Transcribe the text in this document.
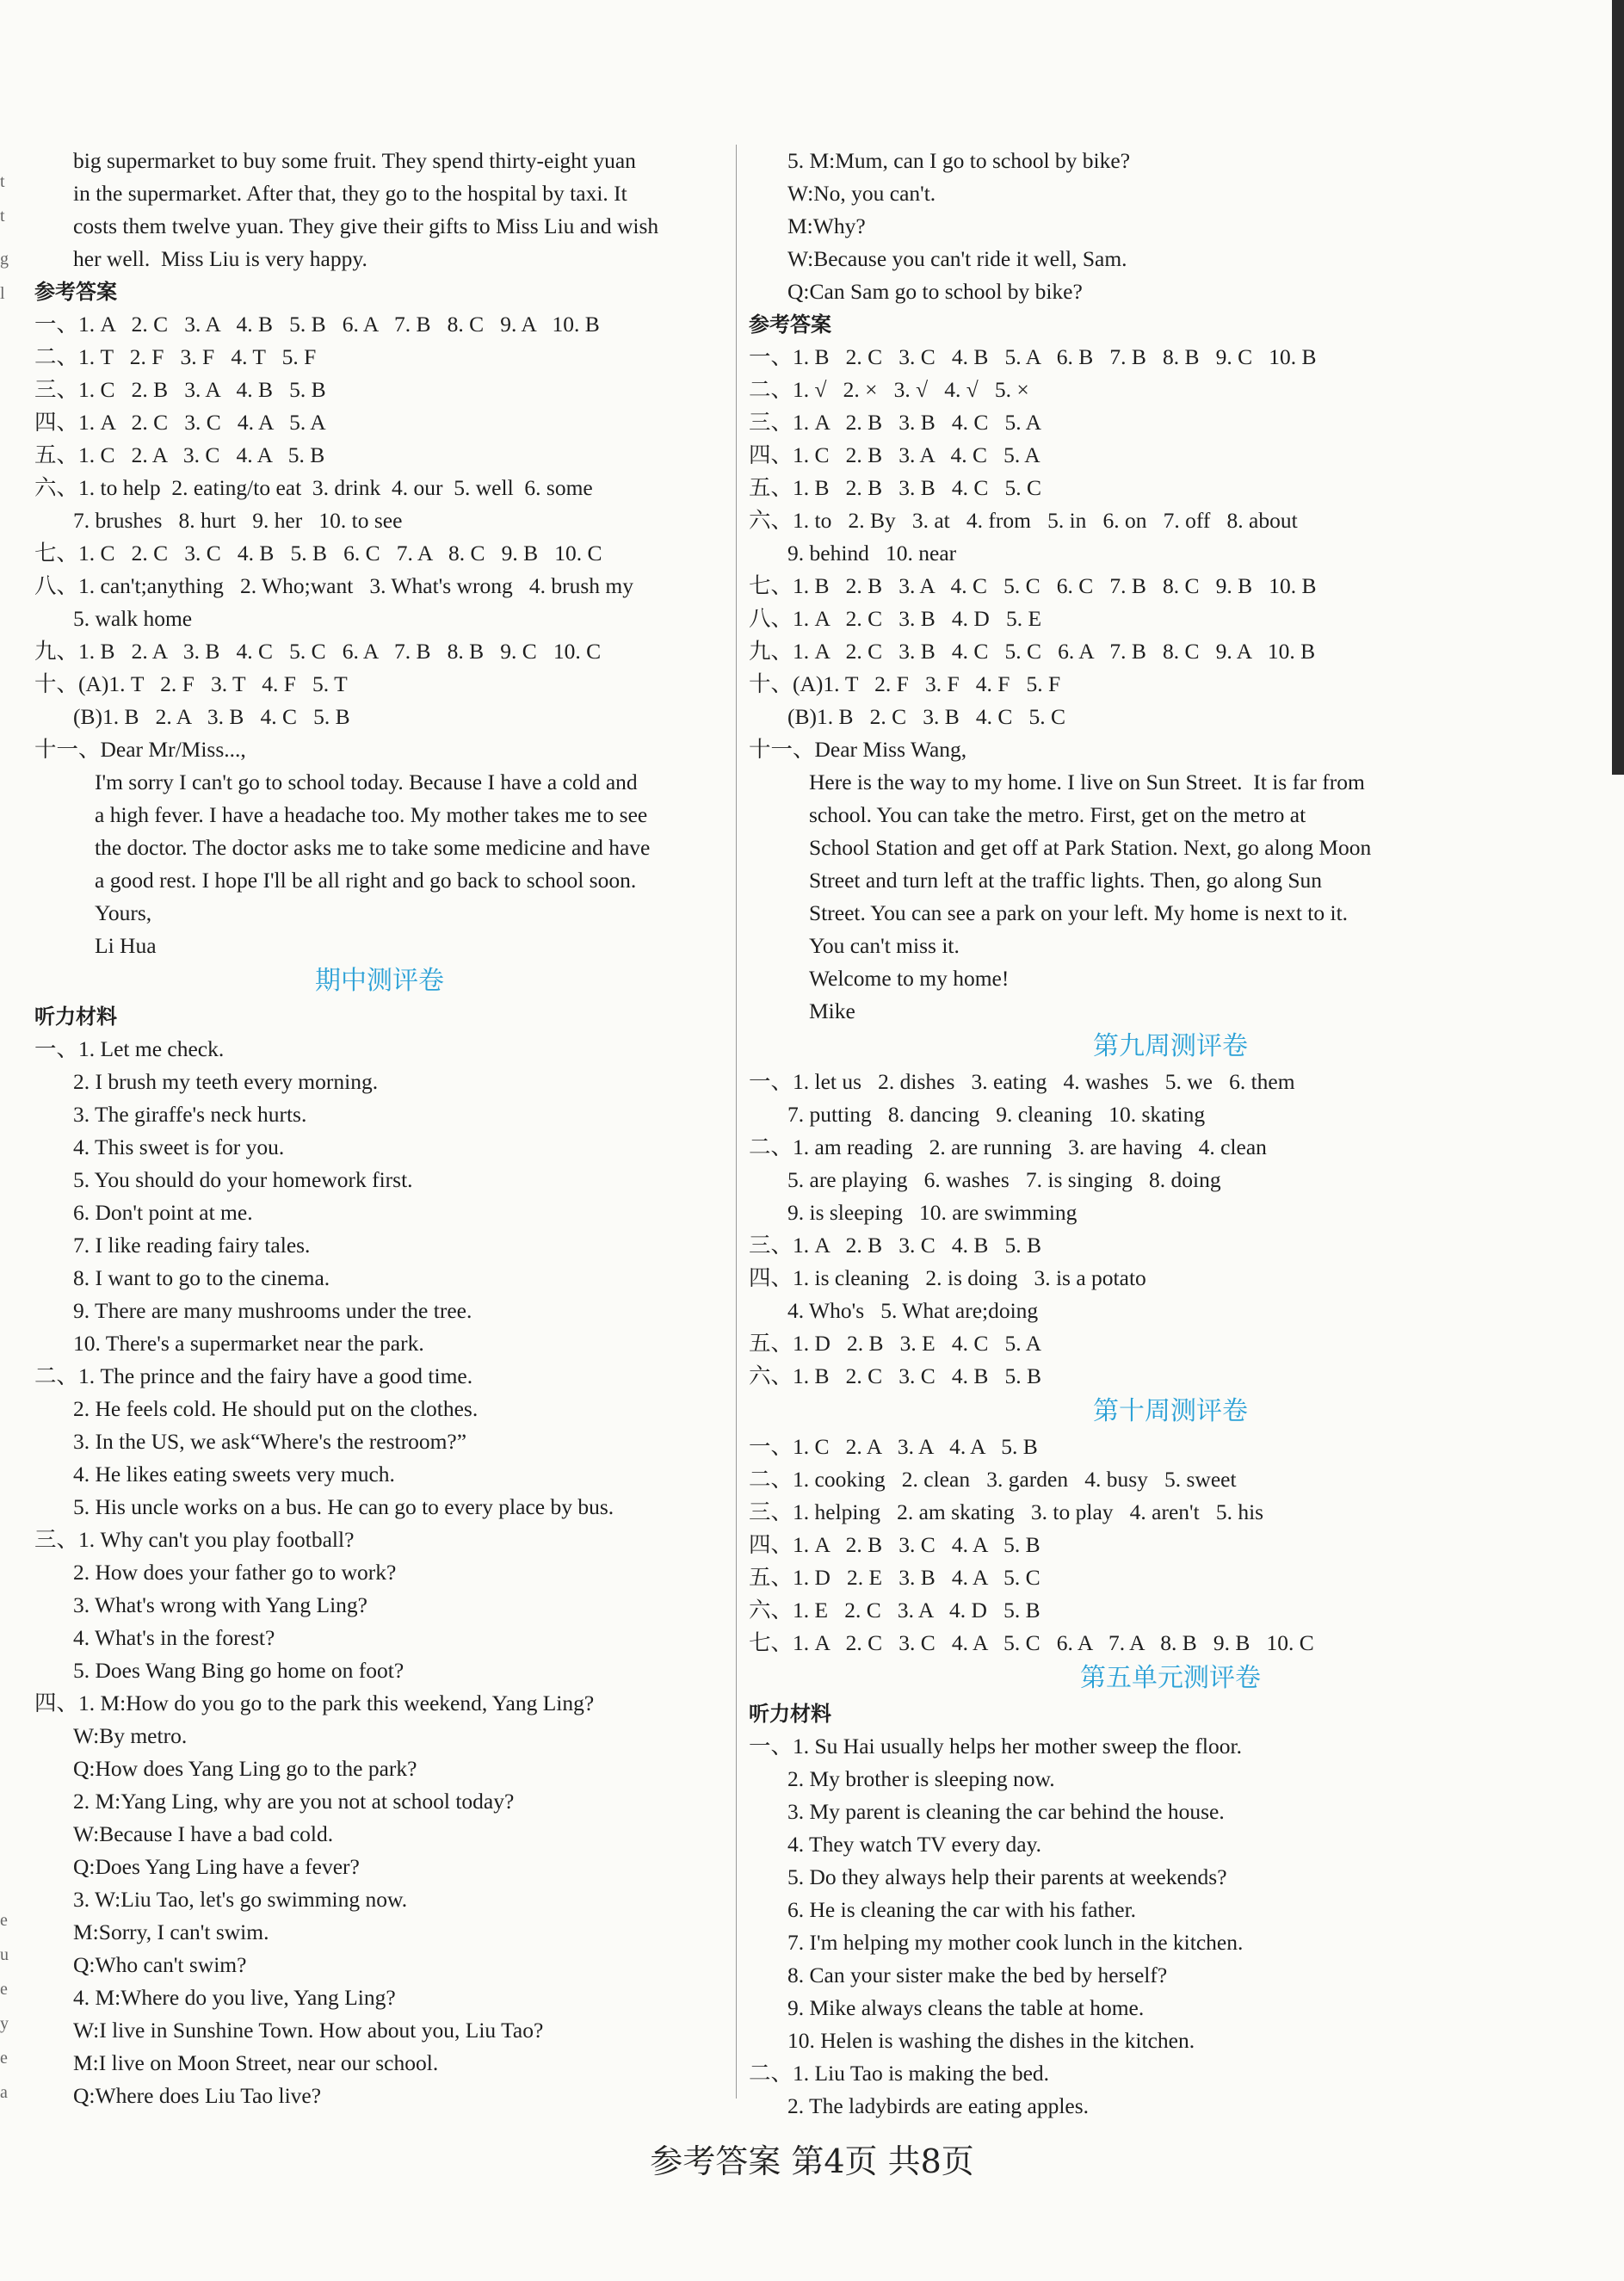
big supermarket to buy some fruit. They spend thirty-eight yuan
in the supermarket. After that, they go to the hospital by taxi. It
costs them twelve yuan. They give their gifts to Miss Liu and wish
her well.  Miss Liu is very happy.
参考答案
一、1. A   2. C   3. A   4. B   5. B   6. A   7. B   8. C   9. A   10. B
二、1. T   2. F   3. F   4. T   5. F
三、1. C   2. B   3. A   4. B   5. B
四、1. A   2. C   3. C   4. A   5. A
五、1. C   2. A   3. C   4. A   5. B
六、1. to help  2. eating/to eat  3. drink  4. our  5. well  6. some
7. brushes   8. hurt   9. her   10. to see
七、1. C   2. C   3. C   4. B   5. B   6. C   7. A   8. C   9. B   10. C
八、1. can't;anything   2. Who;want   3. What's wrong   4. brush my
5. walk home
九、1. B   2. A   3. B   4. C   5. C   6. A   7. B   8. B   9. C   10. C
十、(A)1. T   2. F   3. T   4. F   5. T
(B)1. B   2. A   3. B   4. C   5. B
十一、Dear Mr/Miss...,
I'm sorry I can't go to school today. Because I have a cold and
a high fever. I have a headache too. My mother takes me to see
the doctor. The doctor asks me to take some medicine and have
a good rest. I hope I'll be all right and go back to school soon.
Yours,
Li Hua
期中测评卷
听力材料
一、1. Let me check.
2. I brush my teeth every morning.
3. The giraffe's neck hurts.
4. This sweet is for you.
5. You should do your homework first.
6. Don't point at me.
7. I like reading fairy tales.
8. I want to go to the cinema.
9. There are many mushrooms under the tree.
10. There's a supermarket near the park.
二、1. The prince and the fairy have a good time.
2. He feels cold. He should put on the clothes.
3. In the US, we ask“Where's the restroom?”
4. He likes eating sweets very much.
5. His uncle works on a bus. He can go to every place by bus.
三、1. Why can't you play football?
2. How does your father go to work?
3. What's wrong with Yang Ling?
4. What's in the forest?
5. Does Wang Bing go home on foot?
四、1. M:How do you go to the park this weekend, Yang Ling?
W:By metro.
Q:How does Yang Ling go to the park?
2. M:Yang Ling, why are you not at school today?
W:Because I have a bad cold.
Q:Does Yang Ling have a fever?
3. W:Liu Tao, let's go swimming now.
M:Sorry, I can't swim.
Q:Who can't swim?
4. M:Where do you live, Yang Ling?
W:I live in Sunshine Town. How about you, Liu Tao?
M:I live on Moon Street, near our school.
Q:Where does Liu Tao live?
5. M:Mum, can I go to school by bike?
W:No, you can't.
M:Why?
W:Because you can't ride it well, Sam.
Q:Can Sam go to school by bike?
参考答案
一、1. B   2. C   3. C   4. B   5. A   6. B   7. B   8. B   9. C   10. B
二、1. √   2. ×   3. √   4. √   5. ×
三、1. A   2. B   3. B   4. C   5. A
四、1. C   2. B   3. A   4. C   5. A
五、1. B   2. B   3. B   4. C   5. C
六、1. to   2. By   3. at   4. from   5. in   6. on   7. off   8. about
9. behind   10. near
七、1. B   2. B   3. A   4. C   5. C   6. C   7. B   8. C   9. B   10. B
八、1. A   2. C   3. B   4. D   5. E
九、1. A   2. C   3. B   4. C   5. C   6. A   7. B   8. C   9. A   10. B
十、(A)1. T   2. F   3. F   4. F   5. F
(B)1. B   2. C   3. B   4. C   5. C
十一、Dear Miss Wang,
Here is the way to my home. I live on Sun Street.  It is far from
school. You can take the metro. First, get on the metro at
School Station and get off at Park Station. Next, go along Moon
Street and turn left at the traffic lights. Then, go along Sun
Street. You can see a park on your left. My home is next to it.
You can't miss it.
Welcome to my home!
Mike
第九周测评卷
一、1. let us   2. dishes   3. eating   4. washes   5. we   6. them
7. putting   8. dancing   9. cleaning   10. skating
二、1. am reading   2. are running   3. are having   4. clean
5. are playing   6. washes   7. is singing   8. doing
9. is sleeping   10. are swimming
三、1. A   2. B   3. C   4. B   5. B
四、1. is cleaning   2. is doing   3. is a potato
4. Who's   5. What are;doing
五、1. D   2. B   3. E   4. C   5. A
六、1. B   2. C   3. C   4. B   5. B
第十周测评卷
一、1. C   2. A   3. A   4. A   5. B
二、1. cooking   2. clean   3. garden   4. busy   5. sweet
三、1. helping   2. am skating   3. to play   4. aren't   5. his
四、1. A   2. B   3. C   4. A   5. B
五、1. D   2. E   3. B   4. A   5. C
六、1. E   2. C   3. A   4. D   5. B
七、1. A   2. C   3. C   4. A   5. C   6. A   7. A   8. B   9. B   10. C
第五单元测评卷
听力材料
一、1. Su Hai usually helps her mother sweep the floor.
2. My brother is sleeping now.
3. My parent is cleaning the car behind the house.
4. They watch TV every day.
5. Do they always help their parents at weekends?
6. He is cleaning the car with his father.
7. I'm helping my mother cook lunch in the kitchen.
8. Can your sister make the bed by herself?
9. Mike always cleans the table at home.
10. Helen is washing the dishes in the kitchen.
二、1. Liu Tao is making the bed.
2. The ladybirds are eating apples.
参考答案 第4页 共8页
t
t
g
l
e
u
e
y
e
a
